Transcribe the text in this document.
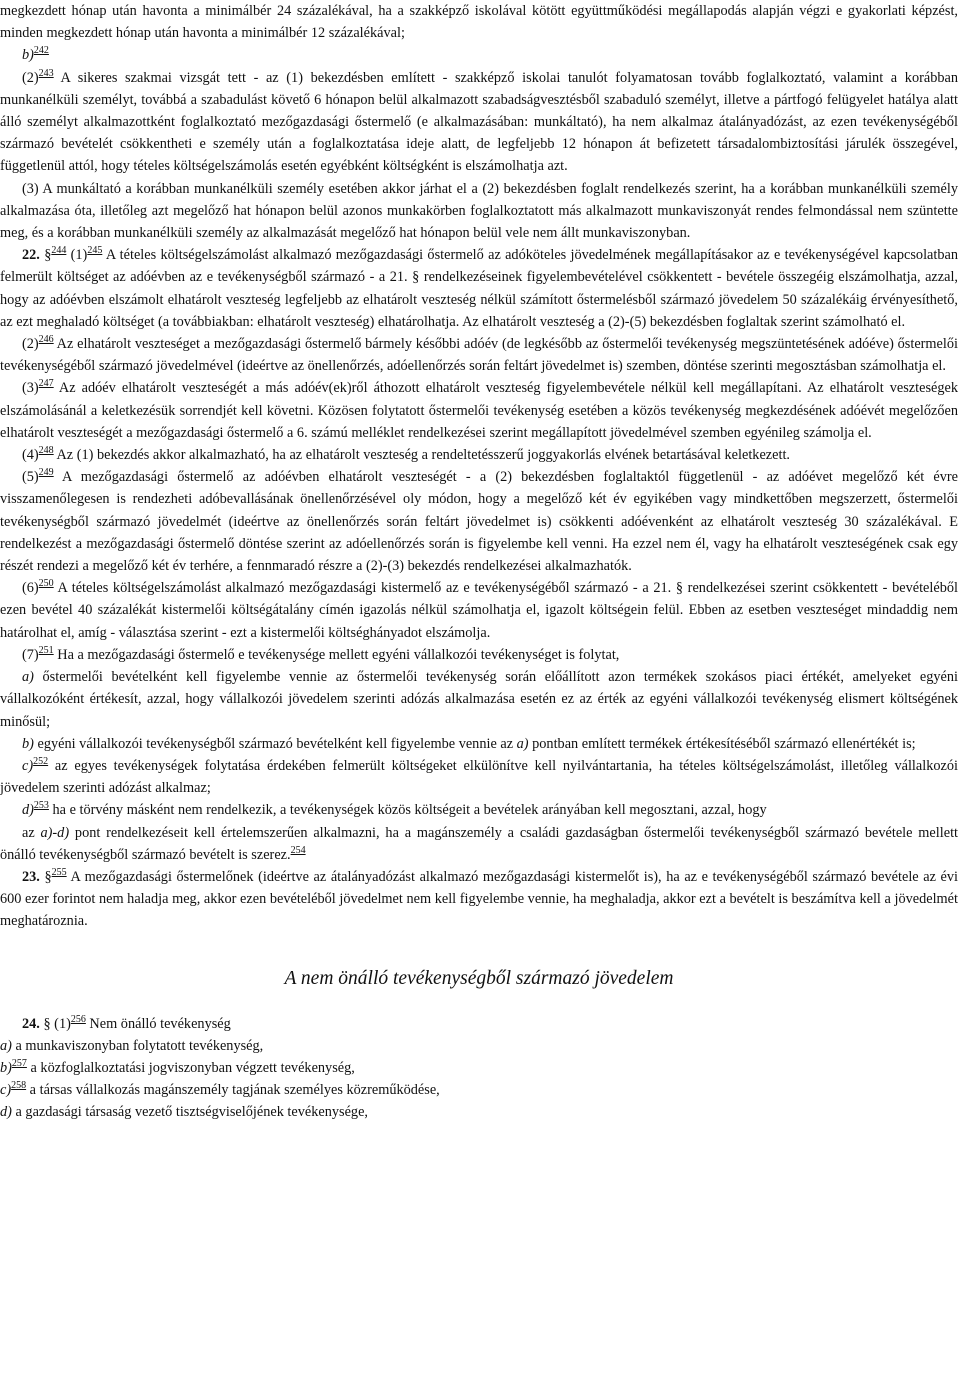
megkezdett hónap után havonta a minimálbér 24 százalékával, ha a szakképző iskolával kötött együttműködési megállapodás alapján végzi e gyakorlati képzést, minden megkezdett hónap után havonta a minimálbér 12 százalékával;

b)$^{242}$

(2)$^{243}$ A sikeres szakmai vizsgát tett - az (1) bekezdésben említett - szakképző iskolai tanulót folyamatosan tovább foglalkoztató, valamint a korábban munkanélküli személyt, továbbá a szabadulást követő 6 hónapon belül alkalmazott szabadságvesztésből szabaduló személyt, illetve a pártfogó felügyelet hatálya alatt álló személyt alkalmazottként foglalkoztató mezőgazdasági őstermelő (e alkalmazásában: munkáltató), ha nem alkalmaz átalányadózást, az ezen tevékenységéből származó bevételét csökkentheti e személy után a foglalkoztatása ideje alatt, de legfeljebb 12 hónapon át befizetett társadalombiztosítási járulék összegével, függetlenül attól, hogy tételes költségelszámolás esetén egyébként költségként is elszámolhatja azt.

(3) A munkáltató a korábban munkanélküli személy esetében akkor járhat el a (2) bekezdésben foglalt rendelkezés szerint, ha a korábban munkanélküli személy alkalmazása óta, illetőleg azt megelőző hat hónapon belül azonos munkakörben foglalkoztatott más alkalmazott munkaviszonyát rendes felmondással nem szüntette meg, és a korábban munkanélküli személy az alkalmazását megelőző hat hónapon belül vele nem állt munkaviszonyban.

22. §$^{244}$ (1)$^{245}$ A tételes költségelszámolást alkalmazó mezőgazdasági őstermelő az adóköteles jövedelmének megállapításakor az e tevékenységével kapcsolatban felmerült költséget az adóévben az e tevékenységből származó - a 21. § rendelkezéseinek figyelembevételével csökkentett - bevétele összegéig elszámolhatja, azzal, hogy az adóévben elszámolt elhatárolt veszteség legfeljebb az elhatárolt veszteség nélkül számított őstermelésből származó jövedelem 50 százalékáig érvényesíthető, az ezt meghaladó költséget (a továbbiakban: elhatárolt veszteség) elhatárolhatja. Az elhatárolt veszteség a (2)-(5) bekezdésben foglaltak szerint számolható el.

(2)$^{246}$ Az elhatárolt veszteséget a mezőgazdasági őstermelő bármely későbbi adóév (de legkésőbb az őstermelői tevékenység megszüntetésének adóéve) őstermelői tevékenységéből származó jövedelmével (ideértve az önellenőrzés, adóellenőrzés során feltárt jövedelmet is) szemben, döntése szerinti megosztásban számolhatja el.

(3)$^{247}$ Az adóév elhatárolt veszteségét a más adóév(ek)ről áthozott elhatárolt veszteség figyelembevétele nélkül kell megállapítani. Az elhatárolt veszteségek elszámolásánál a keletkezésük sorrendjét kell követni. Közösen folytatott őstermelői tevékenység esetében a közös tevékenység megkezdésének adóévét megelőzően elhatárolt veszteségét a mezőgazdasági őstermelő a 6. számú melléklet rendelkezései szerint megállapított jövedelmével szemben egyénileg számolja el.

(4)$^{248}$ Az (1) bekezdés akkor alkalmazható, ha az elhatárolt veszteség a rendeltetésszerű joggyakorlás elvének betartásával keletkezett.

(5)$^{249}$ A mezőgazdasági őstermelő az adóévben elhatárolt veszteségét - a (2) bekezdésben foglaltaktól függetlenül - az adóévet megelőző két évre visszamenőlegesen is rendezheti adóbevallásának önellenőrzésével oly módon, hogy a megelőző két év egyikében vagy mindkettőben megszerzett, őstermelői tevékenységből származó jövedelmét (ideértve az önellenőrzés során feltárt jövedelmet is) csökkenti adóévenként az elhatárolt veszteség 30 százalékával. E rendelkezést a mezőgazdasági őstermelő döntése szerint az adóellenőrzés során is figyelembe kell venni. Ha ezzel nem él, vagy ha elhatárolt veszteségének csak egy részét rendezi a megelőző két év terhére, a fennmaradó részre a (2)-(3) bekezdés rendelkezései alkalmazhatók.

(6)$^{250}$ A tételes költségelszámolást alkalmazó mezőgazdasági kistermelő az e tevékenységéből származó - a 21. § rendelkezései szerint csökkentett - bevételéből ezen bevétel 40 százalékát kistermelői költségátalány címén igazolás nélkül számolhatja el, igazolt költségein felül. Ebben az esetben veszteséget mindaddig nem határolhat el, amíg - választása szerint - ezt a kistermelői költséghányadot elszámolja.

(7)$^{251}$ Ha a mezőgazdasági őstermelő e tevékenysége mellett egyéni vállalkozói tevékenységet is folytat,

a) őstermelői bevételként kell figyelembe vennie az őstermelői tevékenység során előállított azon termékek szokásos piaci értékét, amelyeket egyéni vállalkozóként értékesít, azzal, hogy vállalkozói jövedelem szerinti adózás alkalmazása esetén ez az érték az egyéni vállalkozói tevékenység elismert költségének minősül;

b) egyéni vállalkozói tevékenységből származó bevételként kell figyelembe vennie az a) pontban említett termékek értékesítéséből származó ellenértékét is;

c)$^{252}$ az egyes tevékenységek folytatása érdekében felmerült költségeket elkülönítve kell nyilvántartania, ha tételes költségelszámolást, illetőleg vállalkozói jövedelem szerinti adózást alkalmaz;

d)$^{253}$ ha e törvény másként nem rendelkezik, a tevékenységek közös költségeit a bevételek arányában kell megosztani, azzal, hogy

az a)-d) pont rendelkezéseit kell értelemszerűen alkalmazni, ha a magánszemély a családi gazdaságban őstermelői tevékenységből származó bevétele mellett önálló tevékenységből származó bevételt is szerez.$^{254}$

23. §$^{255}$ A mezőgazdasági őstermelőnek (ideértve az átalányadózást alkalmazó mezőgazdasági kistermelőt is), ha az e tevékenységéből származó bevétele az évi 600 ezer forintot nem haladja meg, akkor ezen bevételéből jövedelmet nem kell figyelembe vennie, ha meghaladja, akkor ezt a bevételt is beszámítva kell a jövedelmét meghatároznia.

A nem önálló tevékenységből származó jövedelem

24. § (1)$^{256}$ Nem önálló tevékenység

a) a munkaviszonyban folytatott tevékenység,

b)$^{257}$ a közfoglalkoztatási jogviszonyban végzett tevékenység,

c)$^{258}$ a társas vállalkozás magánszemély tagjának személyes közreműködése,

d) a gazdasági társaság vezető tisztségviselőjének tevékenysége,
